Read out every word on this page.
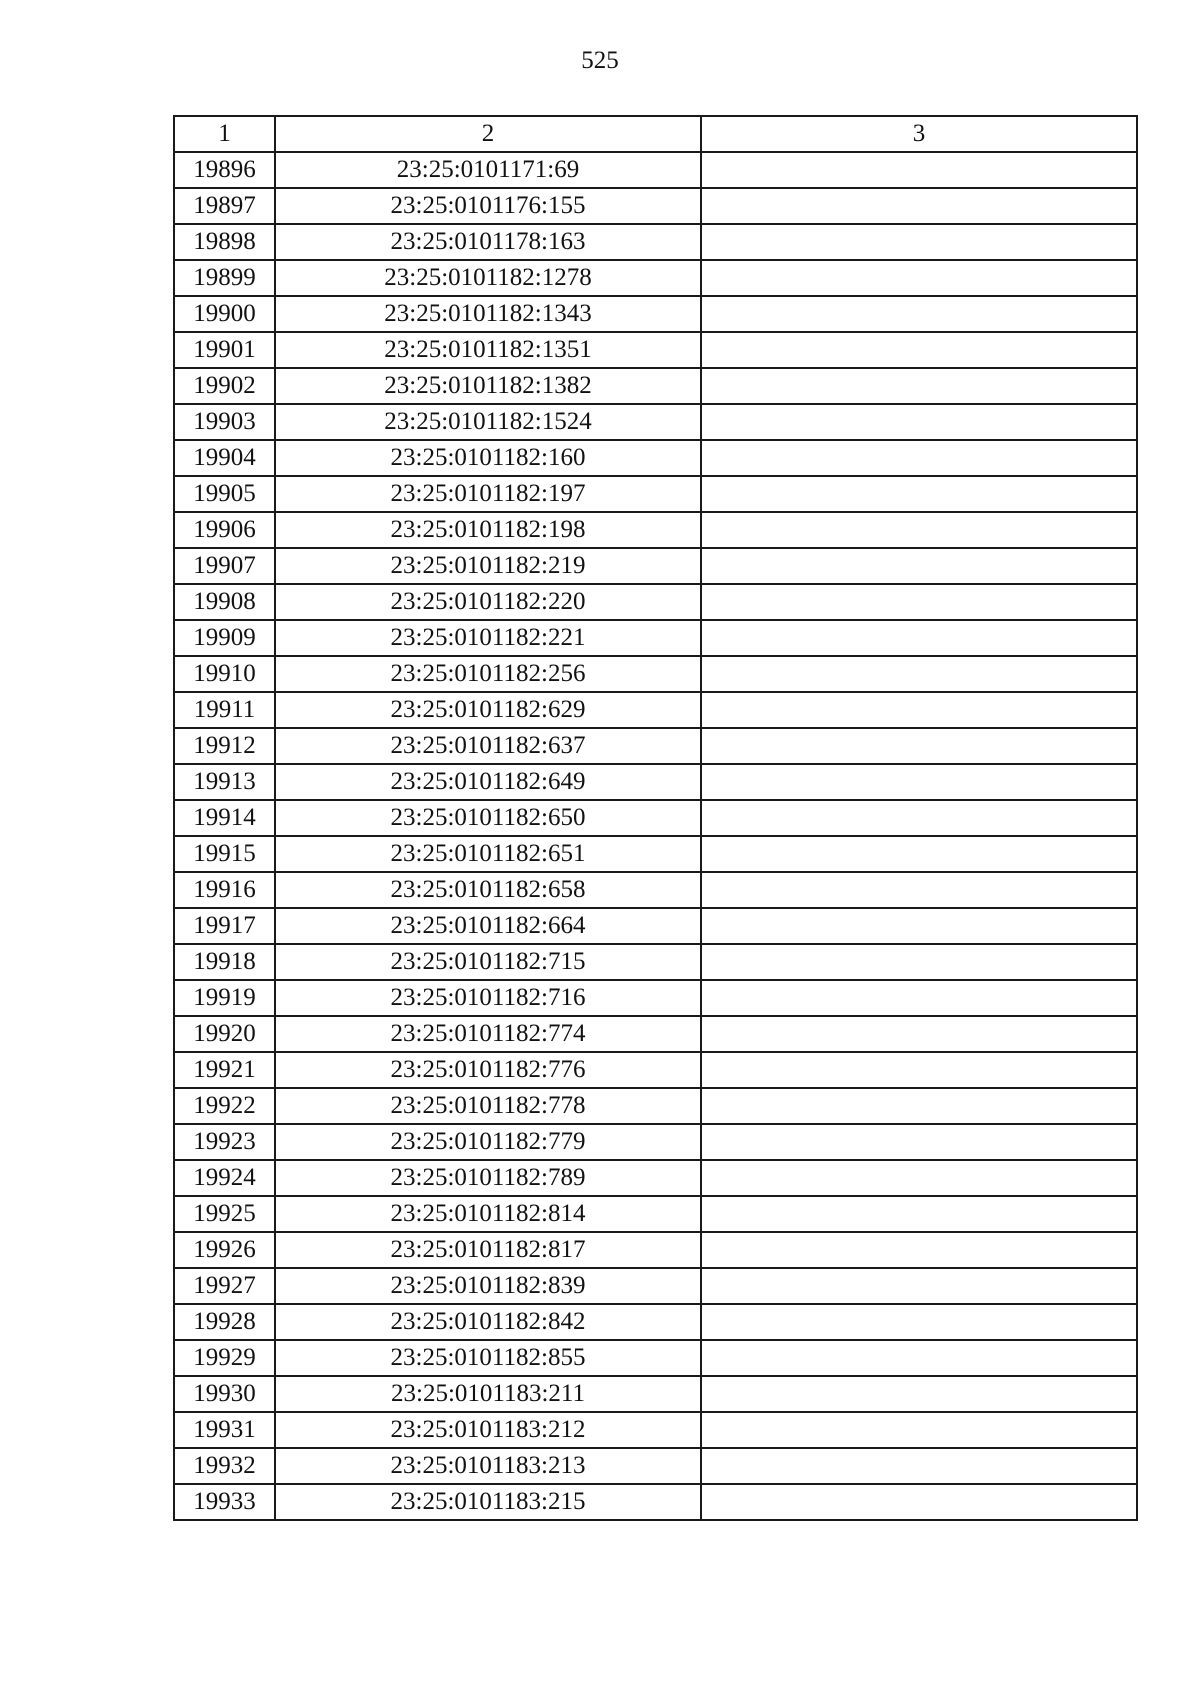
525
1	2	3
19896	23:25:0101171:69	
19897	23:25:0101176:155	
19898	23:25:0101178:163	
19899	23:25:0101182:1278	
19900	23:25:0101182:1343	
19901	23:25:0101182:1351	
19902	23:25:0101182:1382	
19903	23:25:0101182:1524	
19904	23:25:0101182:160	
19905	23:25:0101182:197	
19906	23:25:0101182:198	
19907	23:25:0101182:219	
19908	23:25:0101182:220	
19909	23:25:0101182:221	
19910	23:25:0101182:256	
19911	23:25:0101182:629	
19912	23:25:0101182:637	
19913	23:25:0101182:649	
19914	23:25:0101182:650	
19915	23:25:0101182:651	
19916	23:25:0101182:658	
19917	23:25:0101182:664	
19918	23:25:0101182:715	
19919	23:25:0101182:716	
19920	23:25:0101182:774	
19921	23:25:0101182:776	
19922	23:25:0101182:778	
19923	23:25:0101182:779	
19924	23:25:0101182:789	
19925	23:25:0101182:814	
19926	23:25:0101182:817	
19927	23:25:0101182:839	
19928	23:25:0101182:842	
19929	23:25:0101182:855	
19930	23:25:0101183:211	
19931	23:25:0101183:212	
19932	23:25:0101183:213	
19933	23:25:0101183:215	
